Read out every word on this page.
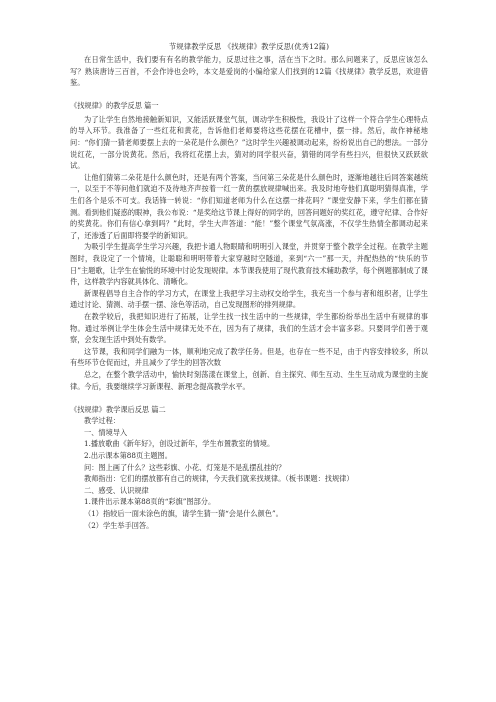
节规律教学反思 《找规律》教学反思(优秀12篇)

在日常生活中，我们要有有名的教学能力，反思过往之事，活在当下之时。那么问题来了，反思应该怎么写？熟读唐诗三百首，不会作诗也会吟，本文是爱岗的小编给家人们找到的12篇《找规律》教学反思，欢迎借鉴。

《找规律》的教学反思 篇一

为了让学生自然地接触新知识，又能活跃课堂气氛，调动学生积极性，我设计了这样一个符合学生心理特点的导入环节。我准备了一些红花和黄花，告诉他们老师要将这些花摆在花槽中，摆一排。然后，故作神秘地问：“你们猜一猜老师要摆上去的一朵花是什么颜色？”这时学生兴趣被调动起来，纷纷说出自己的想法。一部分说红花，一部分说黄花。然后，我将红花摆上去，猜对的同学很兴奋，猜错的同学有些扫兴，但很快又跃跃欲试。

让他们猜第二朵花是什么颜色时，还是有两个答案，当问第三朵花是什么颜色时，逐渐地越往后同答案越统一，以至于不等问他们就迫不及待地齐声按着一红一黄的摆放规律喊出来。我及时地夸他们真聪明猜得真准，学生们各个是乐不可支。我话锋一转说：“你们知道老师为什么在这摆一排花吗？”课堂安静下来，学生们都在猜测。看到他们疑惑的眼神，我公布说：“是奖给这节课上得好的同学的，回答问题好的奖红花，遵守纪律、合作好的奖黄花。你们有信心拿到吗？”此时，学生大声答道：“能！”整个课堂气氛高涨，不仅学生热情全都调动起来了，还渗透了后面即将要学的新知识。

为吸引学生提高学生学习兴趣，我把卡通人物眼睛和明明引入课堂，并贯穿于整个教学全过程。在教学主题图时，我设定了一个情境，让聪聪和明明带着大家穿越时空隧道，来到“六一”那一天，并配热热的“快乐的节日”主题歌，让学生在愉悦的环境中讨论发现规律。本节课我使用了现代教育技术辅助教学，每个例题都制成了课件，这样教学内容就具体化、清晰化。

新课程倡导自主合作的学习方式，在课堂上我把学习主动权交给学生，我充当一个参与者和组织者，让学生通过讨论、猜测、动手摆一摆、涂色等活动，自己发现图形的排列规律。

在教学较后，我把知识进行了拓展，让学生找一找生活中的一些规律，学生都纷纷举出生活中有规律的事物。通过举例让学生体会生活中规律无处不在，因为有了规律，我们的生活才会丰富多彩。只要同学们善于观察，会发现生活中到处有数学。

这节课，我和同学们融为一体，顺利地完成了教学任务。但是，也存在一些不足，由于内容安排较多，所以有些环节仓促而过，并且减少了学生的回答次数

总之，在整个教学活动中，愉快时刻荡漾在课堂上，创新、自主探究、师生互动、生生互动成为课堂的主旋律。今后，我要继续学习新课程、新理念提高教学水平。

《找规律》教学课后反思 篇二

教学过程：

一、情境导入

1.播放歌曲《新年好》，创设过新年，学生布置教室的情境。

2.出示课本第88页主题图。

问：图上画了什么？这些彩旗、小花、灯笼是不是乱摆乱挂的？

教师指出：它们的摆放都有自己的规律，今天我们就来找规律。（板书课题：找规律）

二、感受、认识规律

1.课件出示课本第88页的“彩旗”图部分。

（1）指较后一面未涂色的旗，请学生猜一猜“会是什么颜色”。

（2）学生举手回答。
